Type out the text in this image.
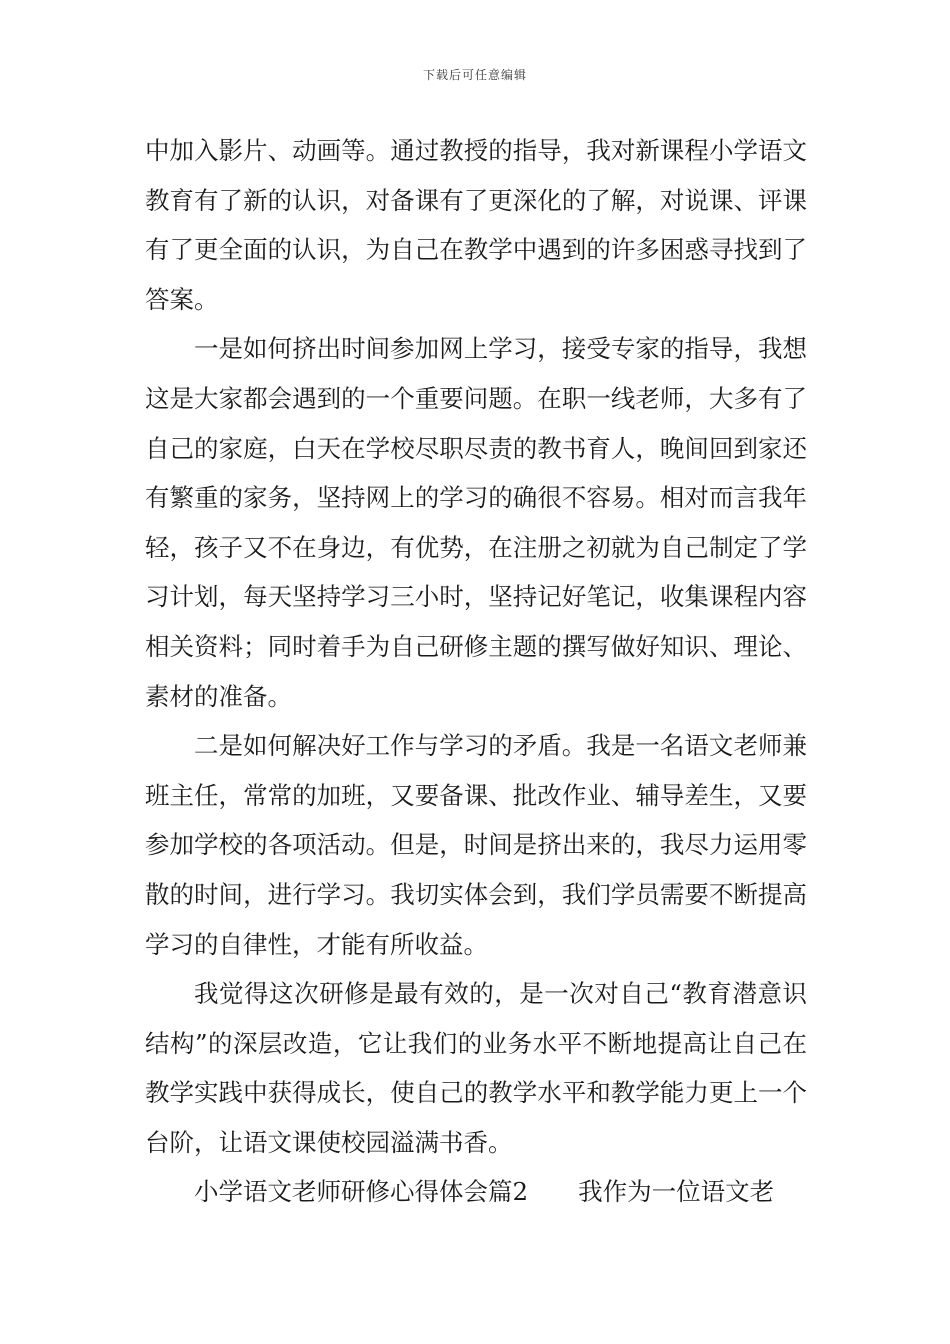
下载后可任意编辑

中加入影片、动画等。通过教授的指导，我对新课程小学语文教育有了新的认识，对备课有了更深化的了解，对说课、评课有了更全面的认识，为自己在教学中遇到的许多困惑寻找到了答案。

一是如何挤出时间参加网上学习，接受专家的指导，我想这是大家都会遇到的一个重要问题。在职一线老师，大多有了自己的家庭，白天在学校尽职尽责的教书育人，晚间回到家还有繁重的家务，坚持网上的学习的确很不容易。相对而言我年轻，孩子又不在身边，有优势，在注册之初就为自己制定了学习计划，每天坚持学习三小时，坚持记好笔记，收集课程内容相关资料；同时着手为自己研修主题的撰写做好知识、理论、素材的准备。

二是如何解决好工作与学习的矛盾。我是一名语文老师兼班主任，常常的加班，又要备课、批改作业、辅导差生，又要参加学校的各项活动。但是，时间是挤出来的，我尽力运用零散的时间，进行学习。我切实体会到，我们学员需要不断提高学习的自律性，才能有所收益。

我觉得这次研修是最有效的，是一次对自己“教育潜意识结构”的深层改造，它让我们的业务水平不断地提高让自己在教学实践中获得成长，使自己的教学水平和教学能力更上一个台阶，让语文课使校园溢满书香。

小学语文老师研修心得体会篇2 我作为一位语文老
